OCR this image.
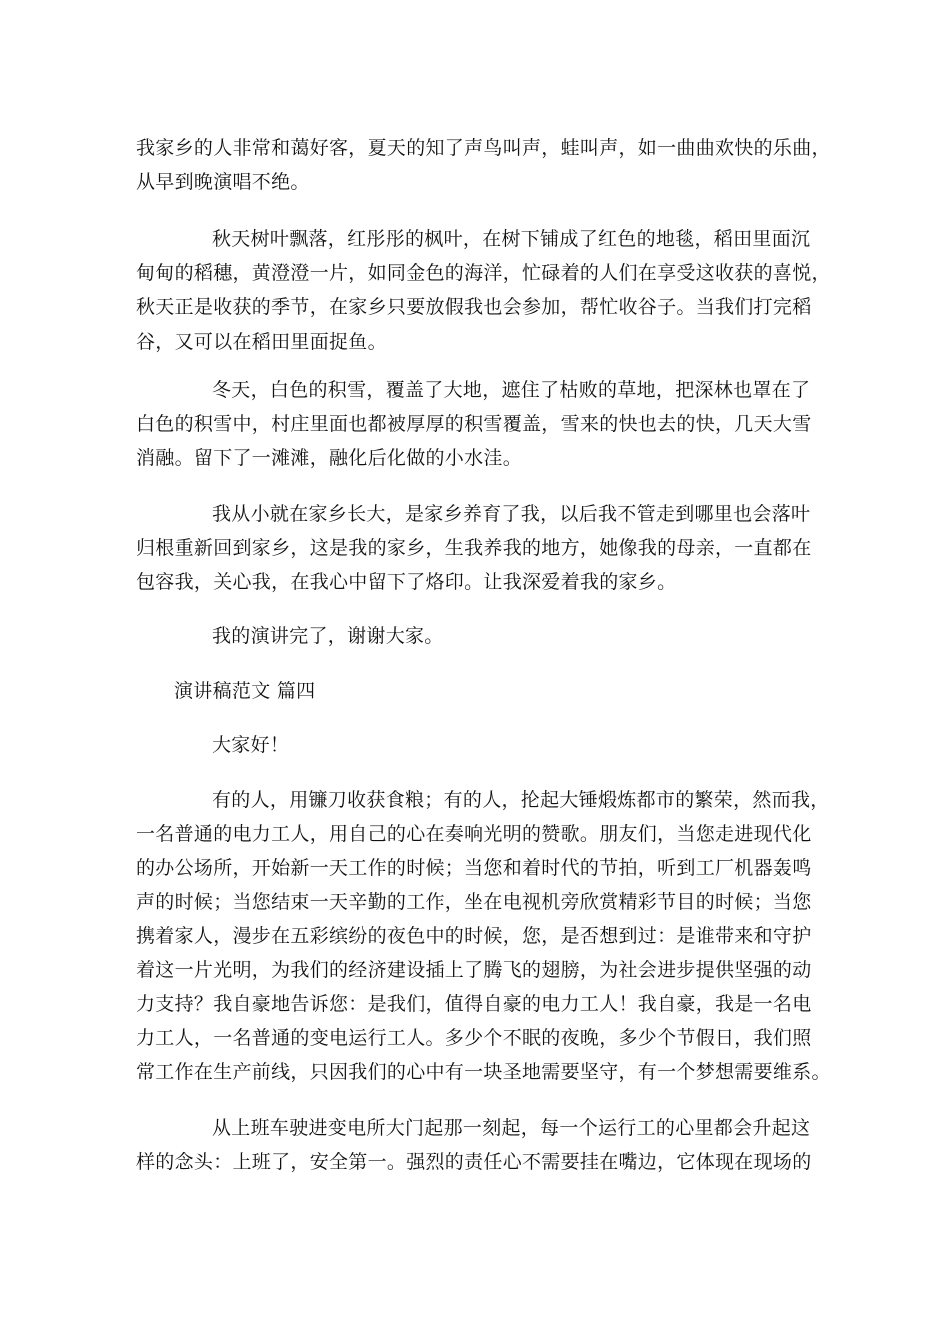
我家乡的人非常和蔼好客，夏天的知了声鸟叫声，蛙叫声，如一曲曲欢快的乐曲，
从早到晚演唱不绝。
秋天树叶飘落，红彤彤的枫叶，在树下铺成了红色的地毯，稻田里面沉
甸甸的稻穗，黄澄澄一片，如同金色的海洋，忙碌着的人们在享受这收获的喜悦，
秋天正是收获的季节，在家乡只要放假我也会参加，帮忙收谷子。当我们打完稻
谷，又可以在稻田里面捉鱼。
冬天，白色的积雪，覆盖了大地，遮住了枯败的草地，把深林也罩在了
白色的积雪中，村庄里面也都被厚厚的积雪覆盖，雪来的快也去的快，几天大雪
消融。留下了一滩滩，融化后化做的小水洼。
我从小就在家乡长大，是家乡养育了我，以后我不管走到哪里也会落叶
归根重新回到家乡，这是我的家乡，生我养我的地方，她像我的母亲，一直都在
包容我，关心我，在我心中留下了烙印。让我深爱着我的家乡。
我的演讲完了，谢谢大家。
演讲稿范文 篇四
大家好！
有的人，用镰刀收获食粮；有的人，抡起大锤煅炼都市的繁荣，然而我，
一名普通的电力工人，用自己的心在奏响光明的赞歌。朋友们，当您走进现代化
的办公场所，开始新一天工作的时候；当您和着时代的节拍，听到工厂机器轰鸣
声的时候；当您结束一天辛勤的工作，坐在电视机旁欣赏精彩节目的时候；当您
携着家人，漫步在五彩缤纷的夜色中的时候，您，是否想到过：是谁带来和守护
着这一片光明，为我们的经济建设插上了腾飞的翅膀，为社会进步提供坚强的动
力支持？我自豪地告诉您：是我们，值得自豪的电力工人！我自豪，我是一名电
力工人，一名普通的变电运行工人。多少个不眠的夜晚，多少个节假日，我们照
常工作在生产前线，只因我们的心中有一块圣地需要坚守，有一个梦想需要维系。
从上班车驶进变电所大门起那一刻起，每一个运行工的心里都会升起这
样的念头：上班了，安全第一。强烈的责任心不需要挂在嘴边，它体现在现场的
